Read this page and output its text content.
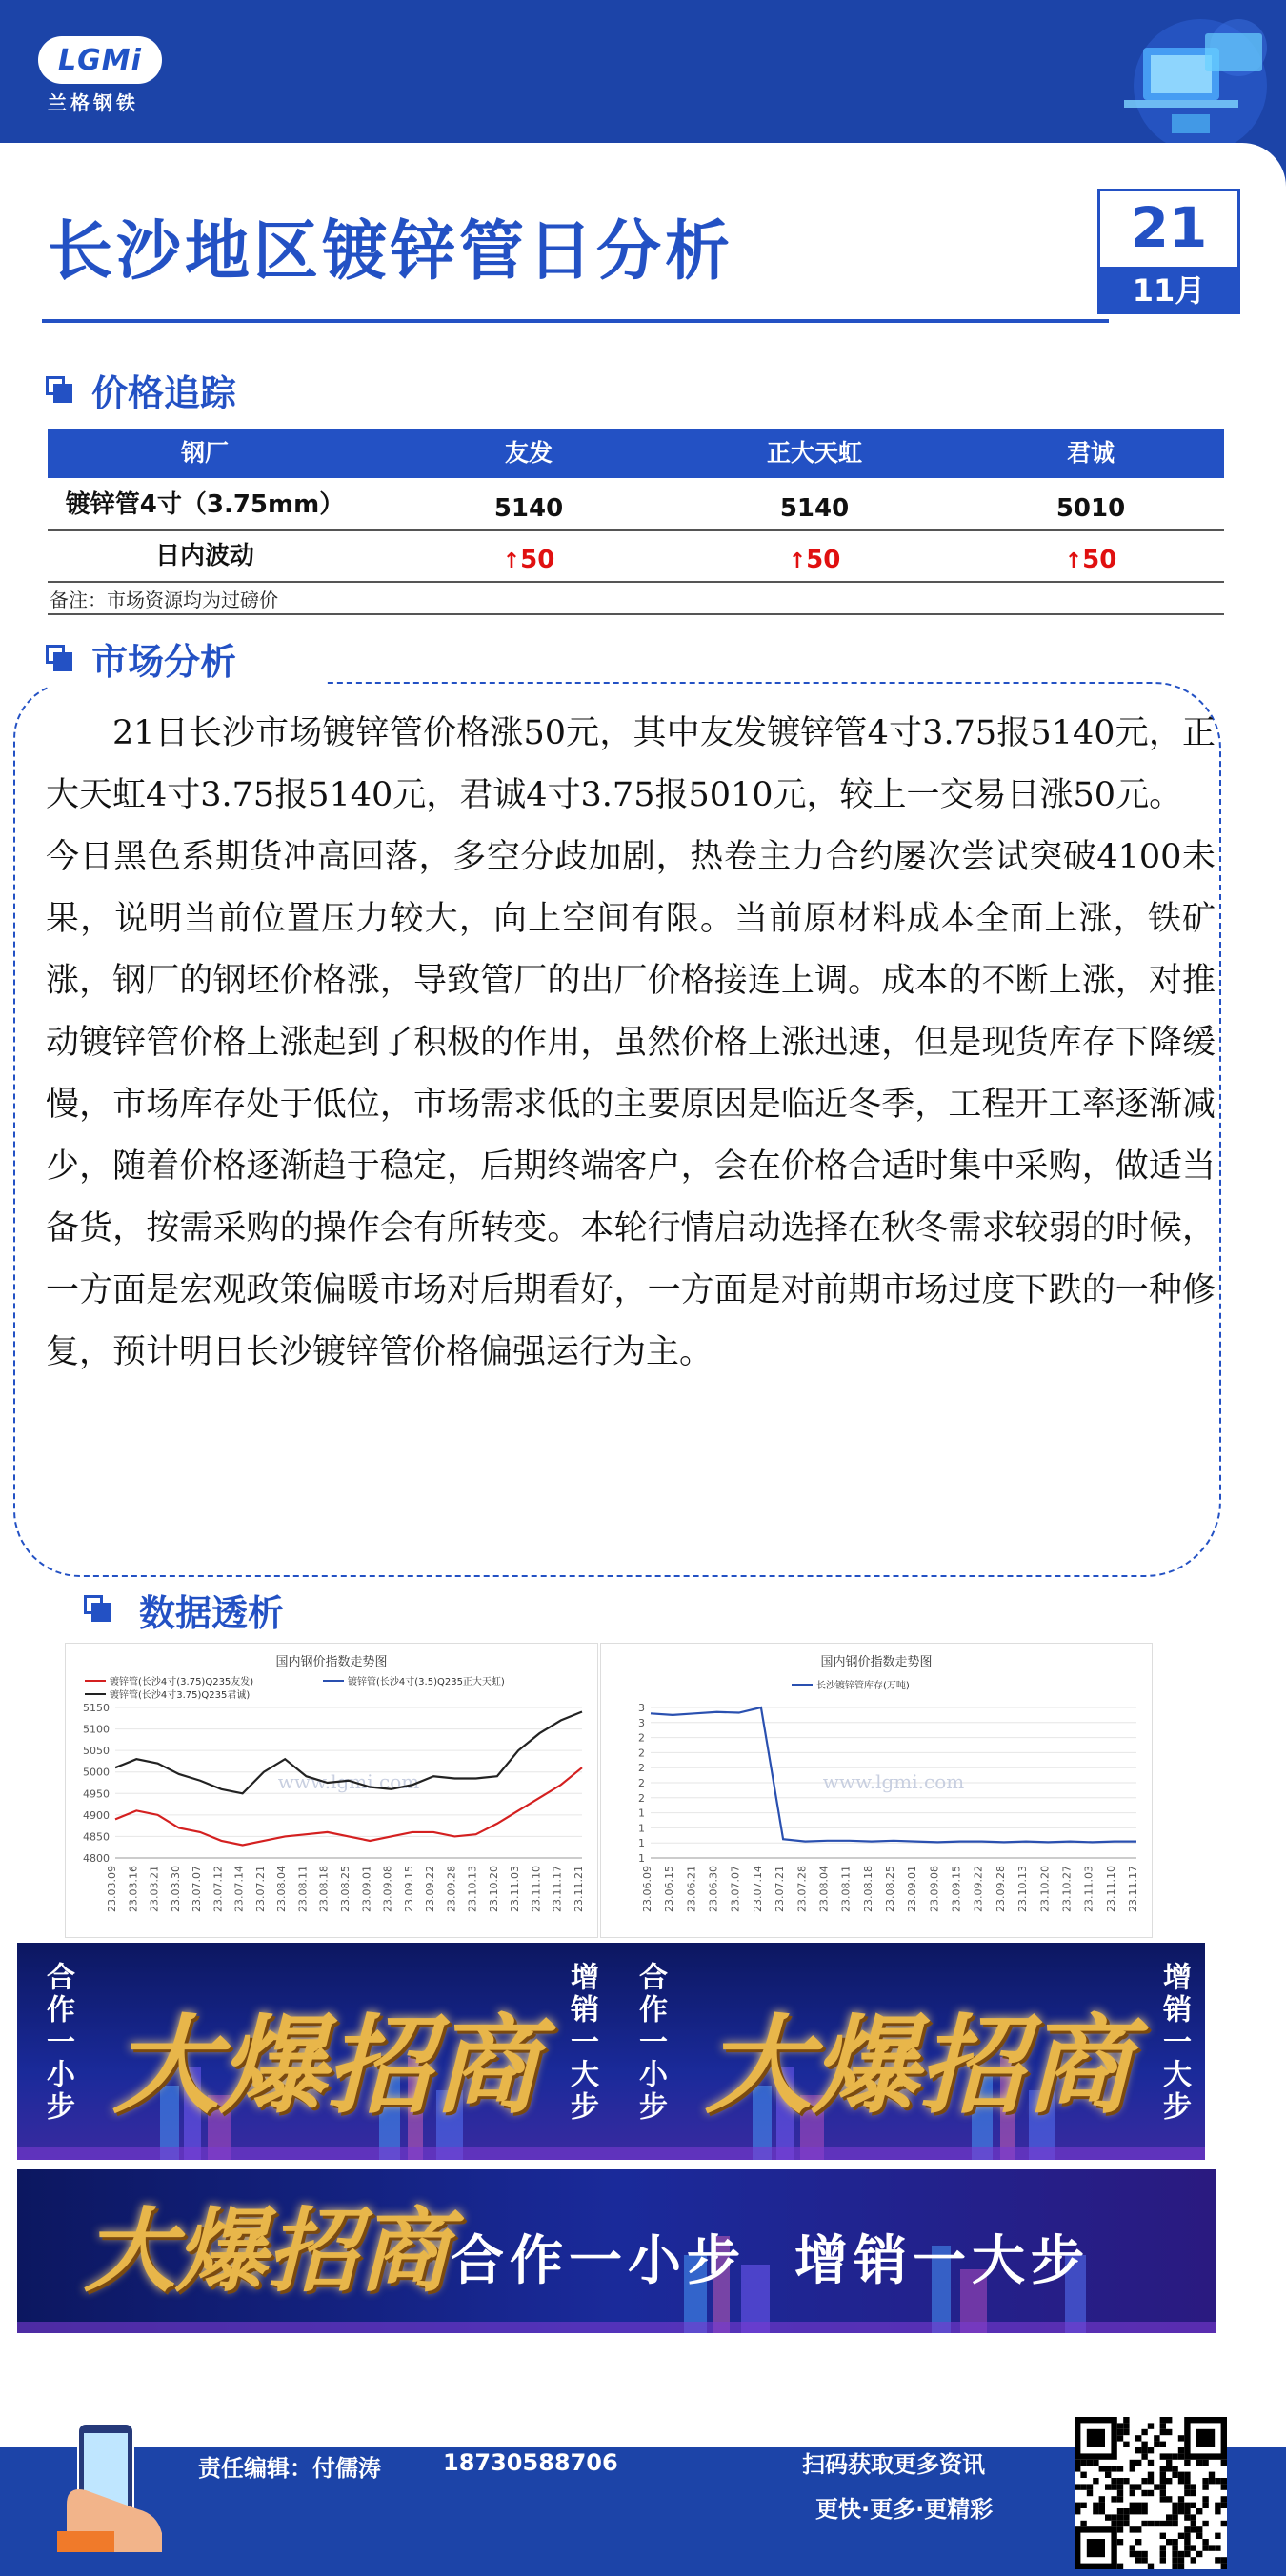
LGMi
兰格钢铁
长沙地区镀锌管日分析	21
11月
价格追踪
钢厂	友发	正大天虹	君诚
镀锌管4寸（3.75mm）	5140	5140	5010
日内波动	↑50	↑50	↑50
备注：市场资源均为过磅价
市场分析

21日长沙市场镀锌管价格涨50元，其中友发镀锌管4寸3.75报5140元，正大天虹4寸3.75报5140元，君诚4寸3.75报5010元，较上一交易日涨50元。

今日黑色系期货冲高回落，多空分歧加剧，热卷主力合约屡次尝试突破4100未果，说明当前位置压力较大，向上空间有限。当前原材料成本全面上涨，铁矿涨，钢厂的钢坯价格涨，导致管厂的出厂价格接连上调。成本的不断上涨，对推动镀锌管价格上涨起到了积极的作用，虽然价格上涨迅速，但是现货库存下降缓慢，市场库存处于低位，市场需求低的主要原因是临近冬季，工程开工率逐渐减少，随着价格逐渐趋于稳定，后期终端客户，会在价格合适时集中采购，做适当备货，按需采购的操作会有所转变。本轮行情启动选择在秋冬需求较弱的时候，一方面是宏观政策偏暖市场对后期看好，一方面是对前期市场过度下跌的一种修复，预计明日长沙镀锌管价格偏强运行为主。

数据透析
国内钢价指数走势图
4800
4850
4900
4950
5000
5050
5100
5150
23.03.09 23.03.16 23.03.21 23.03.30 23.07.07 23.07.12 23.07.14 23.07.21 23.08.04 23.08.11 23.08.18 23.08.25 23.09.01 23.09.08 23.09.15 23.09.22 23.09.28 23.10.13 23.10.20 23.11.03 23.11.10 23.11.17 23.11.21
www.lgmi.com
镀锌管(长沙4寸(3.75)Q235友发)	镀锌管(长沙4寸(3.5)Q235正大天虹)
镀锌管(长沙4寸3.75)Q235君诚)
国内钢价指数走势图
1
1
1
1
2
2
2
2
2
3
3
23.06.09 23.06.15 23.06.21 23.06.30 23.07.07 23.07.14 23.07.21 23.07.28 23.08.04 23.08.11 23.08.18 23.08.25 23.09.01 23.09.08 23.09.15 23.09.22 23.09.28 23.10.13 23.10.20 23.10.27 23.11.03 23.11.10 23.11.17
www.lgmi.com
长沙镀锌管库存(万吨)
合作一小步	增销一大步
大爆招商	合作一小步	增销一大步
大爆招商
大爆招商 合作一小步  增销一大步
责任编辑：付儒涛	18730588706	扫码获取更多资讯
更快·更多·更精彩
